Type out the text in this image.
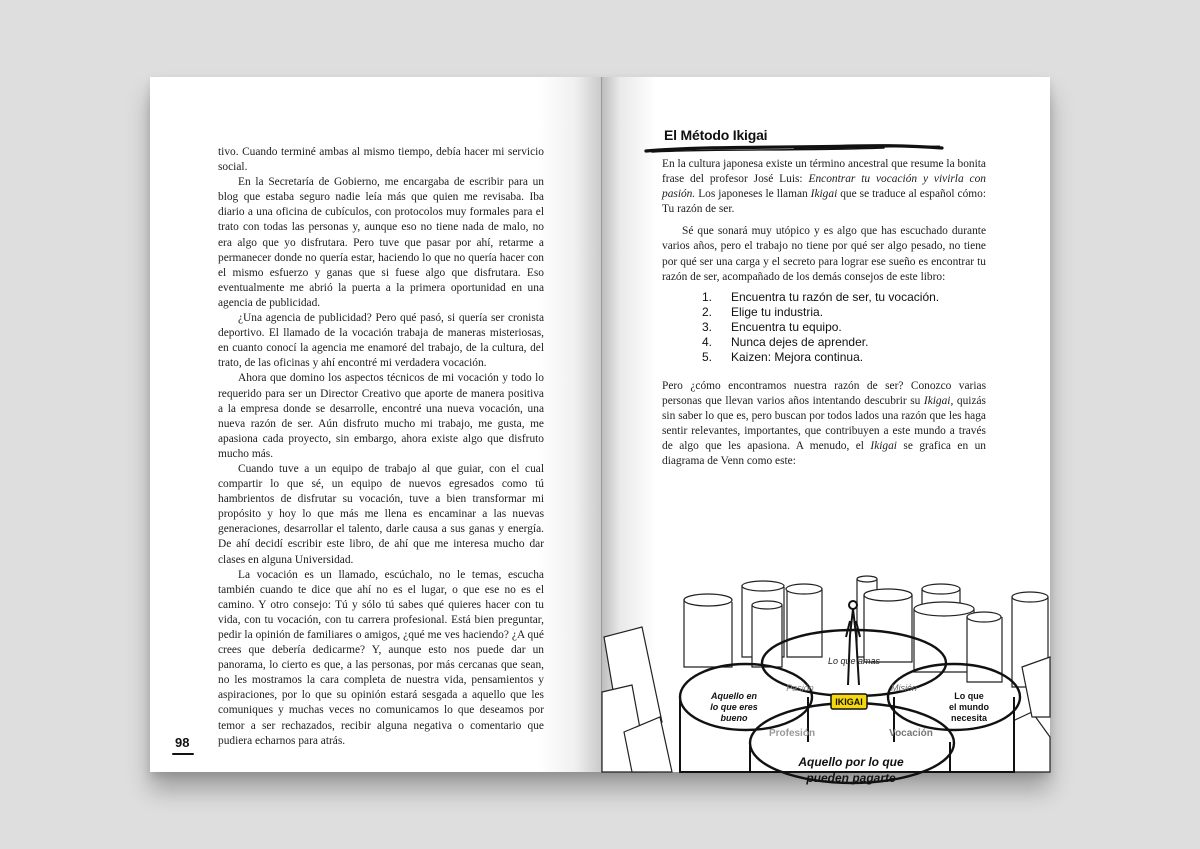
tivo. Cuando terminé ambas al mismo tiempo, debía hacer mi servicio social.

En la Secretaría de Gobierno, me encargaba de escribir para un blog que estaba seguro nadie leía más que quien me revisaba. Iba diario a una oficina de cubículos, con protocolos muy formales para el trato con todas las personas y, aunque eso no tiene nada de malo, no era algo que yo disfrutara. Pero tuve que pasar por ahí, retarme a permanecer donde no quería estar, haciendo lo que no quería hacer con el mismo esfuerzo y ganas que si fuese algo que disfrutara. Eso eventualmente me abrió la puerta a la primera oportunidad en una agencia de publicidad.

¿Una agencia de publicidad? Pero qué pasó, si quería ser cronista deportivo. El llamado de la vocación trabaja de maneras misteriosas, en cuanto conocí la agencia me enamoré del trabajo, de la cultura, del trato, de las oficinas y ahí encontré mi verdadera vocación.

Ahora que domino los aspectos técnicos de mi vocación y todo lo requerido para ser un Director Creativo que aporte de manera positiva a la empresa donde se desarrolle, encontré una nueva vocación, una nueva razón de ser. Aún disfruto mucho mi trabajo, me gusta, me apasiona cada proyecto, sin embargo, ahora existe algo que disfruto mucho más.

Cuando tuve a un equipo de trabajo al que guiar, con el cual compartir lo que sé, un equipo de nuevos egresados como tú hambrientos de disfrutar su vocación, tuve a bien transformar mi propósito y hoy lo que más me llena es encaminar a las nuevas generaciones, desarrollar el talento, darle causa a sus ganas y energía. De ahí decidí escribir este libro, de ahí que me interesa mucho dar clases en alguna Universidad.

La vocación es un llamado, escúchalo, no le temas, escucha también cuando te dice que ahí no es el lugar, o que ese no es el camino. Y otro consejo: Tú y sólo tú sabes qué quieres hacer con tu vida, con tu vocación, con tu carrera profesional. Está bien preguntar, pedir la opinión de familiares o amigos, ¿qué me ves haciendo? ¿A qué crees que debería dedicarme? Y, aunque esto nos puede dar un panorama, lo cierto es que, a las personas, por más cercanas que sean, no les mostramos la cara completa de nuestra vida, pensamientos y aspiraciones, por lo que su opinión estará sesgada a aquello que les comuniques y muchas veces no comunicamos lo que deseamos por temor a ser rechazados, recibir alguna negativa o comentario que pudiera echarnos para atrás.

98
El Método Ikigai

En la cultura japonesa existe un término ancestral que resume la bonita frase del profesor José Luis: Encontrar tu vocación y vivirla con pasión. Los japoneses le llaman Ikigai que se traduce al español cómo: Tu razón de ser.

Sé que sonará muy utópico y es algo que has escuchado durante varios años, pero el trabajo no tiene por qué ser algo pesado, no tiene por qué ser una carga y el secreto para lograr ese sueño es encontrar tu razón de ser, acompañado de los demás consejos de este libro:

1.	Encuentra tu razón de ser, tu vocación.
2.	Elige tu industria.
3.	Encuentra tu equipo.
4.	Nunca dejes de aprender.
5.	Kaizen: Mejora continua.

Pero ¿cómo encontramos nuestra razón de ser? Conozco varias personas que llevan varios años intentando descubrir su Ikigai, quizás sin saber lo que es, pero buscan por todos lados una razón que les haga sentir relevantes, importantes, que contribuyen a este mundo a través de algo que les apasiona. A menudo, el Ikigai se grafica en un diagrama de Venn como este:

IKIGAI
Lo que amas
Pasión	Misión
Profesión	Vocación
Aquello en
lo que eres
bueno
Lo que
el mundo
necesita
Aquello por lo que
pueden pagarte
